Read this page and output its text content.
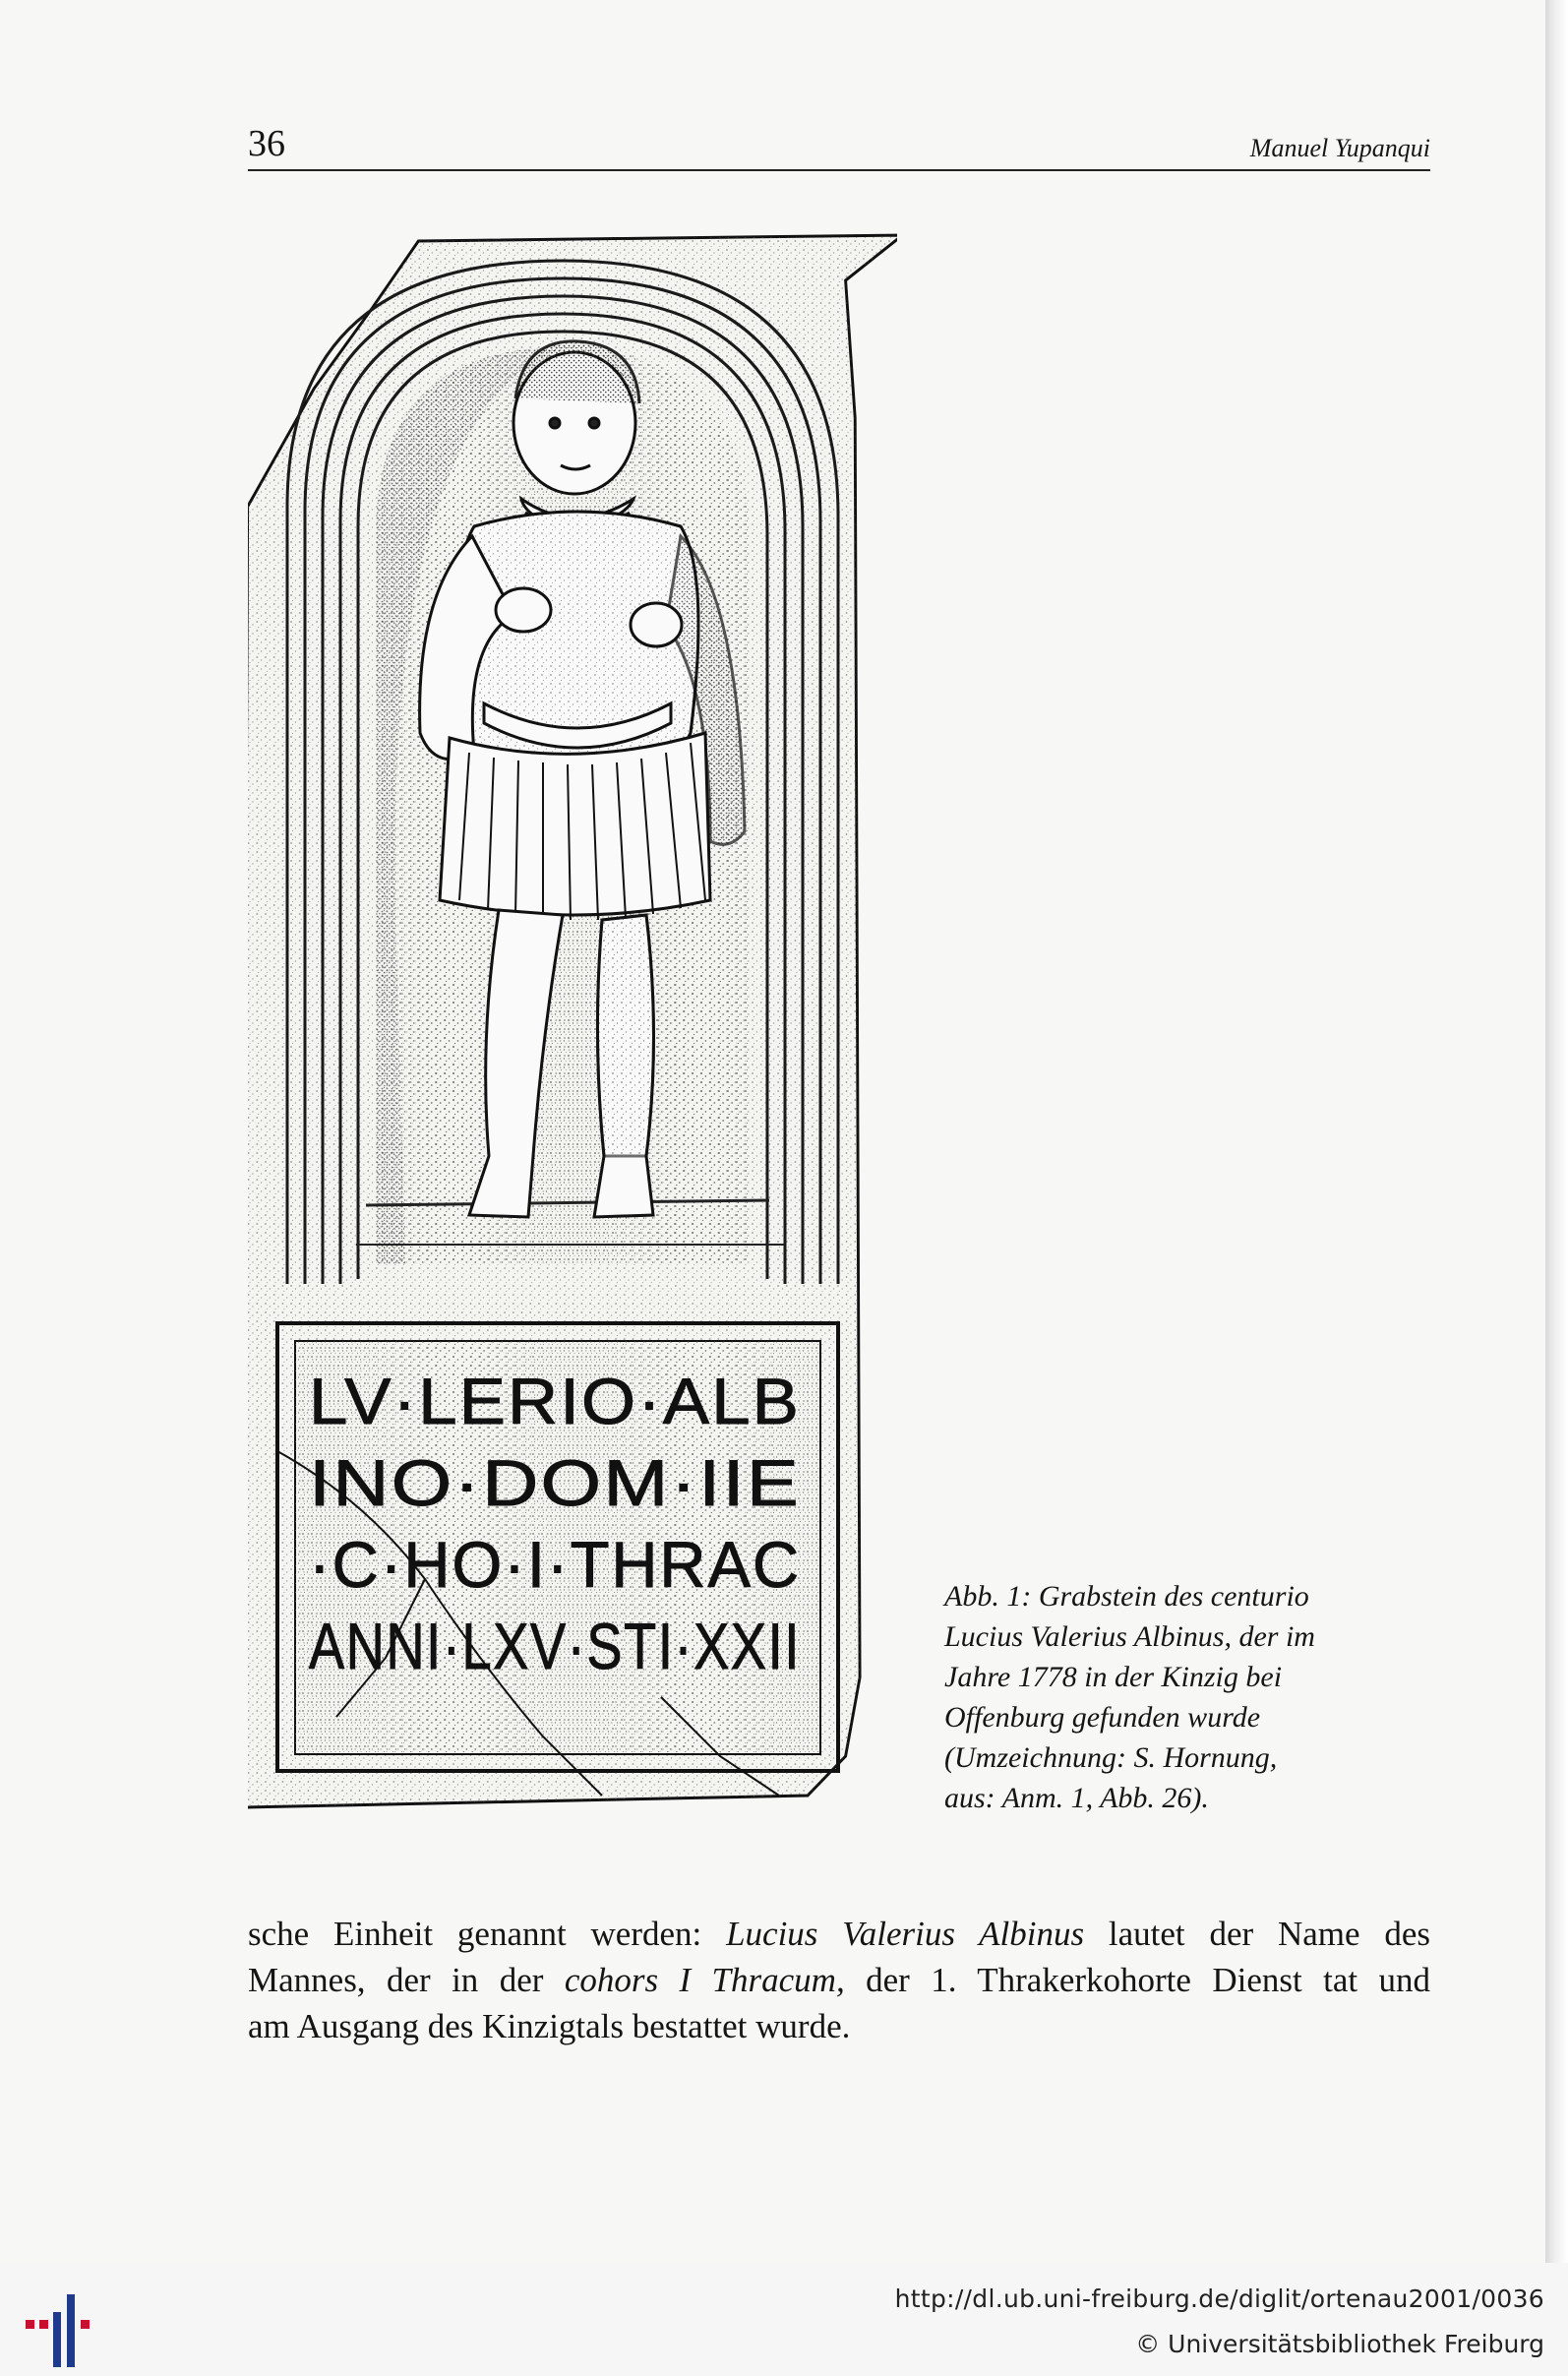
36	Manuel Yupanqui
LV·LERIO·ALB
INO·DOM·IIE
·C·HO·I·THRAC
ANNI·LXV·STI·XXII

Abb. 1: Grabstein des centurio
Lucius Valerius Albinus, der im
Jahre 1778 in der Kinzig bei
Offenburg gefunden wurde
(Umzeichnung: S. Hornung,
aus: Anm. 1, Abb. 26).

sche Einheit genannt werden: Lucius Valerius Albinus lautet der Name des
Mannes, der in der cohors I Thracum, der 1. Thrakerkohorte Dienst tat und
am Ausgang des Kinzigtals bestattet wurde.

http://dl.ub.uni-freiburg.de/diglit/ortenau2001/0036
© Universitätsbibliothek Freiburg
